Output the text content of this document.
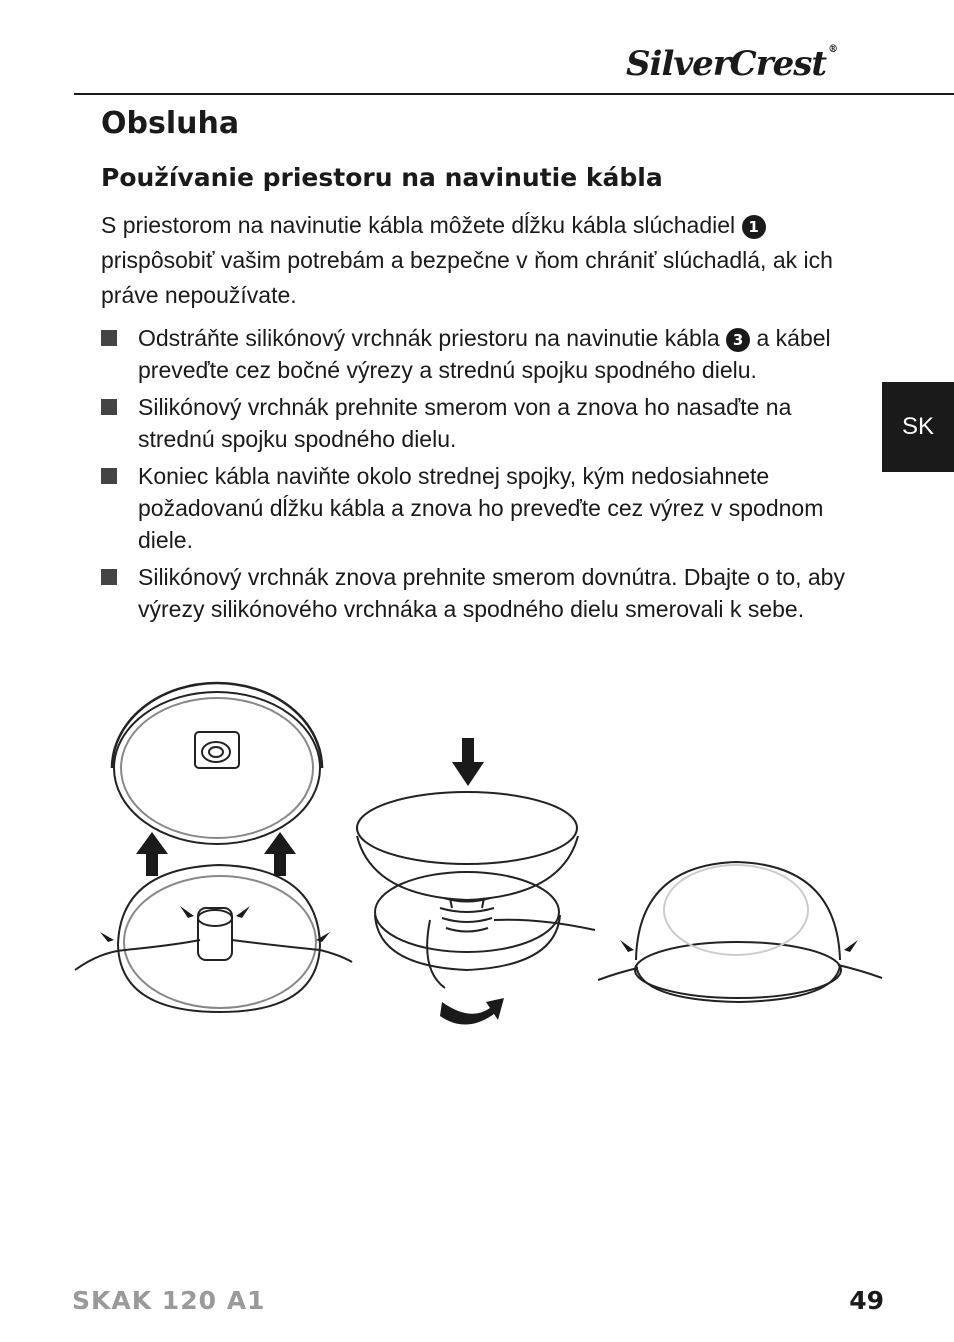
SilverCrest ®
Obsluha
Používanie priestoru na navinutie kábla

S priestorom na navinutie kábla môžete dĺžku kábla slúchadiel 1 prispôsobiť vašim potrebám a bezpečne v ňom chrániť slúchadlá, ak ich práve nepoužívate.

Odstráňte silikónový vrchnák priestoru na navinutie kábla 3 a kábel preveďte cez bočné výrezy a strednú spojku spodného dielu.
Silikónový vrchnák prehnite smerom von a znova ho nasaďte na strednú spojku spodného dielu.
Koniec kábla naviňte okolo strednej spojky, kým nedosiahnete požadovanú dĺžku kábla a znova ho preveďte cez výrez v spodnom diele.
Silikónový vrchnák znova prehnite smerom dovnútra. Dbajte o to, aby výrezy silikónového vrchnáka a spodného dielu smerovali k sebe.
SK
SKAK 120 A1	49
